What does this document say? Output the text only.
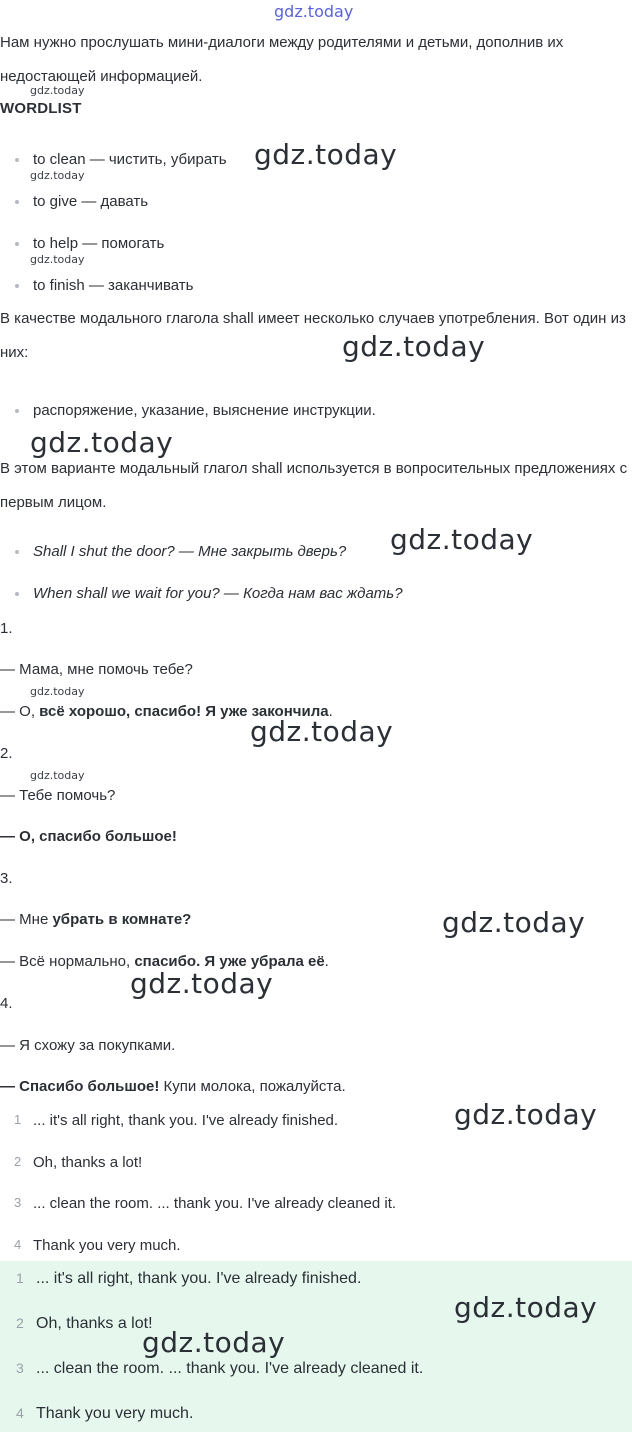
gdz.today
Нам нужно прослушать мини-диалоги между родителями и детьми, дополнив их недостающей информацией.
gdz.today
WORDLIST
to clean — чистить, убирать
to give — давать
to help — помогать
to finish — заканчивать
gdz.today
gdz.today
gdz.today
В качестве модального глагола shall имеет несколько случаев употребления. Вот один из них:	gdz.today
распоряжение, указание, выяснение инструкции.
gdz.today
В этом варианте модальный глагол shall используется в вопросительных предложениях с первым лицом.
Shall I shut the door? — Мне закрыть дверь?
When shall we wait for you? — Когда нам вас ждать?
gdz.today
1.
— Мама, мне помочь тебе?
gdz.today
— О, всё хорошо, спасибо! Я уже закончила.
gdz.today
2.
gdz.today
— Тебе помочь?
— О, спасибо большое!
3.
— Мне убрать в комнате?	gdz.today
— Всё нормально, спасибо. Я уже убрала её.
gdz.today
4.
— Я схожу за покупками.
— Спасибо большое! Купи молока, пожалуйста.
1 ... it's all right, thank you. I've already finished.
2 Oh, thanks a lot!
3 ... clean the room. ... thank you. I've already cleaned it.
4 Thank you very much.
gdz.today
1 ... it's all right, thank you. I've already finished.
2 Oh, thanks a lot!
3 ... clean the room. ... thank you. I've already cleaned it.
4 Thank you very much.
gdz.today
gdz.today
